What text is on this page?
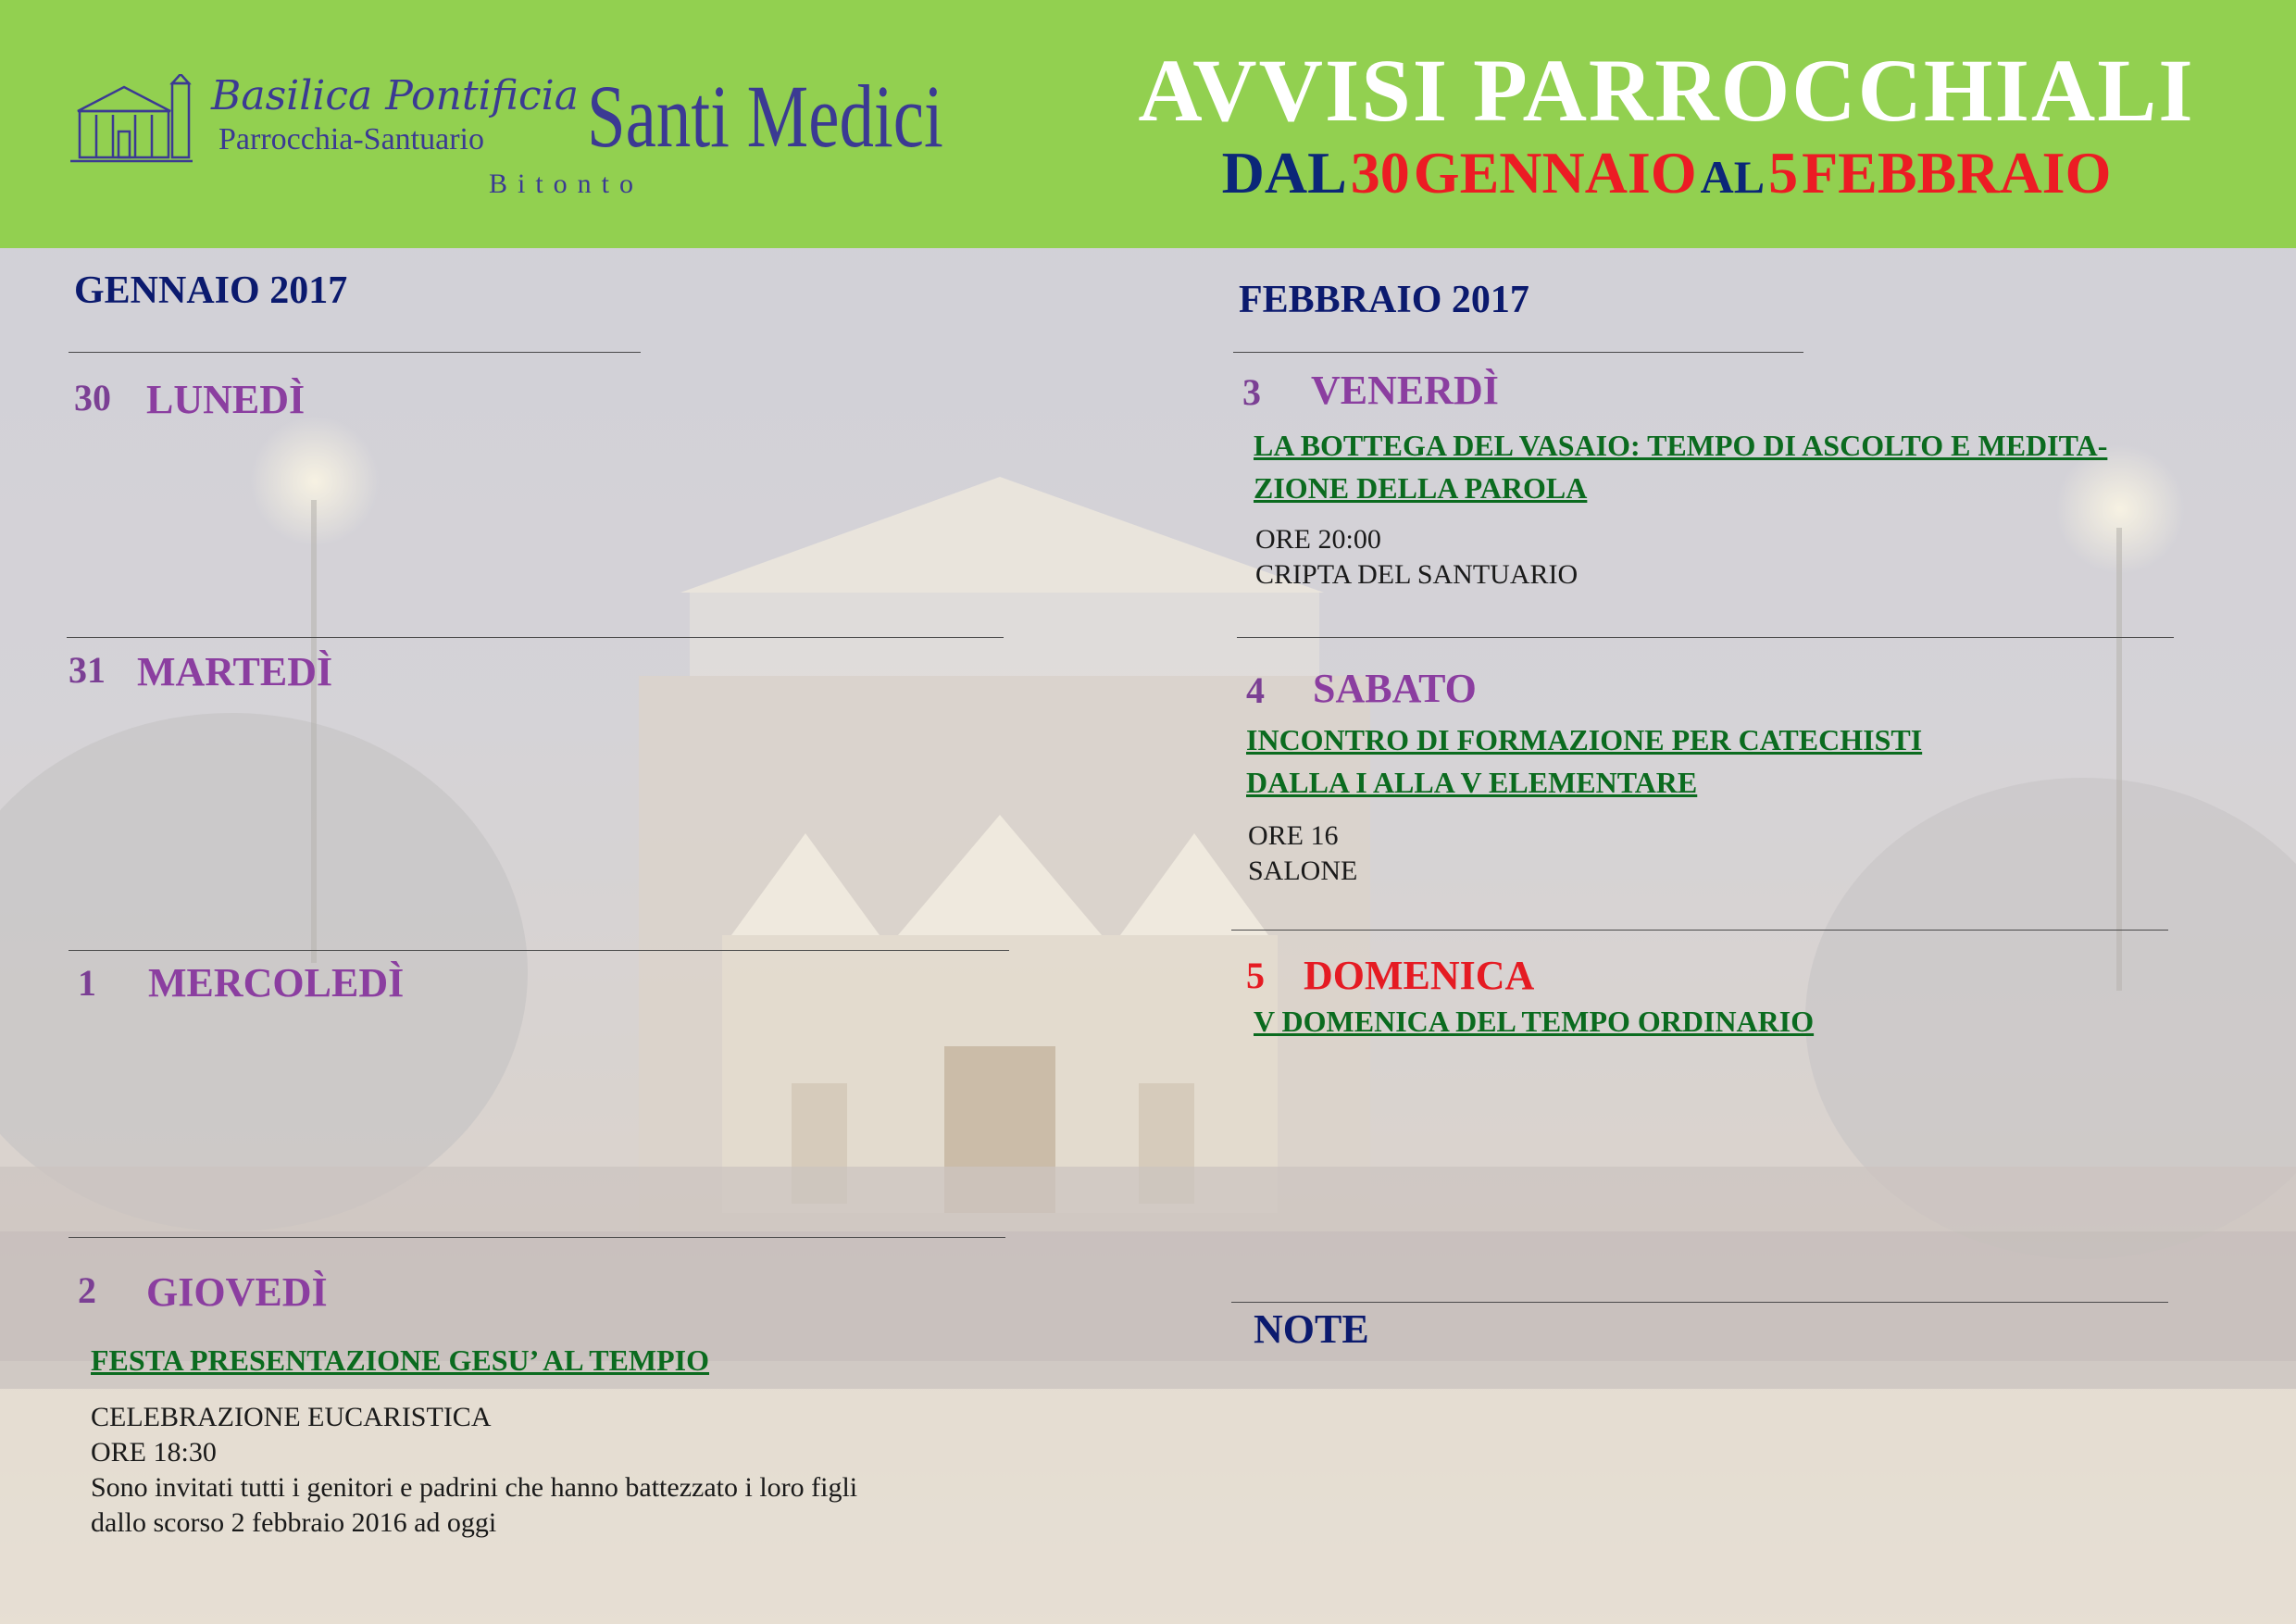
Basilica Pontificia
Parrocchia-Santuario Santi Medici
Bitonto
AVVISI PARROCCHIALI
DAL 30 GENNAIO AL 5 FEBBRAIO
GENNAIO 2017
30 LUNEDÌ
31 MARTEDÌ
1 MERCOLEDÌ
2 GIOVEDÌ
FESTA PRESENTAZIONE GESU’ AL TEMPIO
CELEBRAZIONE EUCARISTICA
ORE 18:30
Sono invitati tutti i genitori e padrini che hanno battezzato i loro figli
dallo scorso 2 febbraio 2016 ad oggi
FEBBRAIO 2017
3 VENERDÌ
LA BOTTEGA DEL VASAIO: TEMPO DI ASCOLTO E MEDITA-
ZIONE DELLA PAROLA
ORE 20:00
CRIPTA DEL SANTUARIO
4 SABATO
INCONTRO DI FORMAZIONE PER CATECHISTI
DALLA I ALLA V ELEMENTARE
ORE 16
SALONE
5 DOMENICA
V DOMENICA DEL TEMPO ORDINARIO
NOTE
